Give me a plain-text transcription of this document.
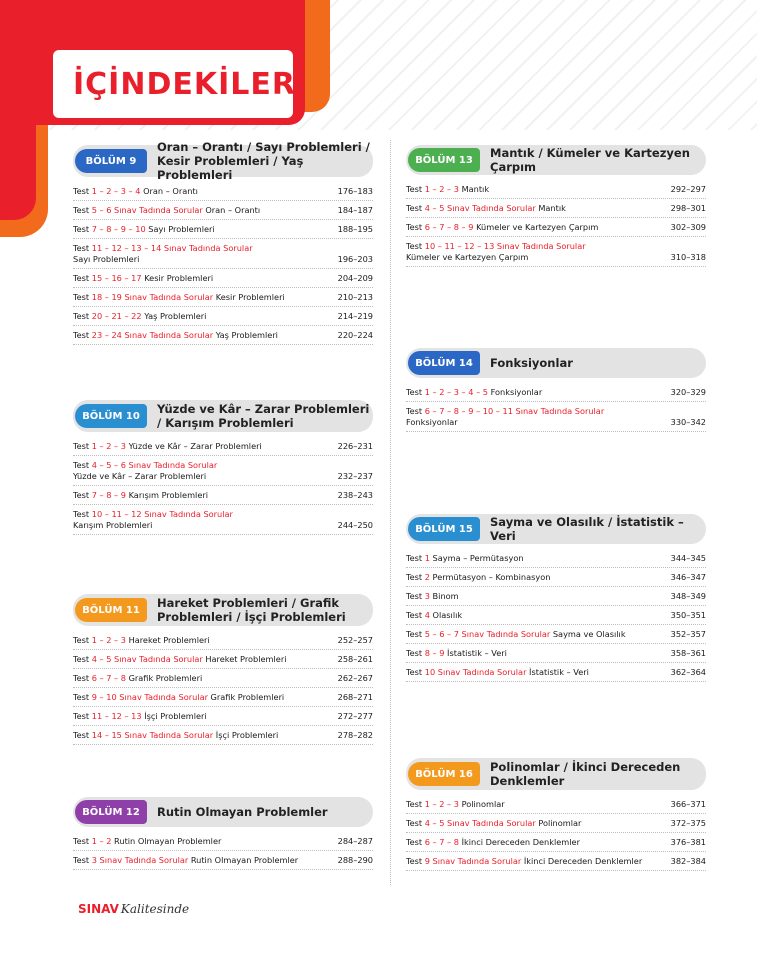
İÇİNDEKİLER
BÖLÜM 9
Oran – Orantı / Sayı Problemleri / Kesir Problemleri / Yaş Problemleri
Test 1 – 2 – 3 – 4 Oran – Orantı	176–183
Test 5 – 6 Sınav Tadında Sorular Oran – Orantı	184–187
Test 7 – 8 – 9 – 10 Sayı Problemleri	188–195
Test 11 – 12 – 13 – 14 Sınav Tadında Sorular
Sayı Problemleri	196–203
Test 15 – 16 – 17 Kesir Problemleri	204–209
Test 18 – 19 Sınav Tadında Sorular Kesir Problemleri	210–213
Test 20 – 21 – 22 Yaş Problemleri	214–219
Test 23 – 24 Sınav Tadında Sorular Yaş Problemleri	220–224
BÖLÜM 10	Yüzde ve Kâr – Zarar Problemleri / Karışım Problemleri
Test 1 – 2 – 3 Yüzde ve Kâr – Zarar Problemleri	226–231
Test 4 – 5 – 6 Sınav Tadında Sorular
Yüzde ve Kâr – Zarar Problemleri	232–237
Test 7 – 8 – 9 Karışım Problemleri	238–243
Test 10 – 11 – 12 Sınav Tadında Sorular
Karışım Problemleri	244–250
BÖLÜM 11	Hareket Problemleri / Grafik Problemleri / İşçi Problemleri
Test 1 – 2 – 3 Hareket Problemleri	252–257
Test 4 – 5 Sınav Tadında Sorular Hareket Problemleri	258–261
Test 6 – 7 – 8 Grafik Problemleri	262–267
Test 9 – 10 Sınav Tadında Sorular Grafik Problemleri	268–271
Test 11 – 12 – 13 İşçi Problemleri	272–277
Test 14 – 15 Sınav Tadında Sorular İşçi Problemleri	278–282
BÖLÜM 12	Rutin Olmayan Problemler
Test 1 – 2 Rutin Olmayan Problemler	284–287
Test 3 Sınav Tadında Sorular Rutin Olmayan Problemler	288–290
BÖLÜM 13	Mantık / Kümeler ve Kartezyen Çarpım
Test 1 – 2 – 3 Mantık	292–297
Test 4 – 5 Sınav Tadında Sorular Mantık	298–301
Test 6 – 7 – 8 – 9 Kümeler ve Kartezyen Çarpım	302–309
Test 10 – 11 – 12 – 13 Sınav Tadında Sorular
Kümeler ve Kartezyen Çarpım	310–318
BÖLÜM 14	Fonksiyonlar
Test 1 – 2 – 3 – 4 – 5 Fonksiyonlar	320–329
Test 6 – 7 – 8 – 9 – 10 – 11 Sınav Tadında Sorular
Fonksiyonlar	330–342
BÖLÜM 15	Sayma ve Olasılık / İstatistik – Veri
Test 1 Sayma – Permütasyon	344–345
Test 2 Permütasyon – Kombinasyon	346–347
Test 3 Binom	348–349
Test 4 Olasılık	350–351
Test 5 – 6 – 7 Sınav Tadında Sorular Sayma ve Olasılık	352–357
Test 8 – 9 İstatistik – Veri	358–361
Test 10 Sınav Tadında Sorular İstatistik – Veri	362–364
BÖLÜM 16	Polinomlar / İkinci Dereceden Denklemler
Test 1 – 2 – 3 Polinomlar	366–371
Test 4 – 5 Sınav Tadında Sorular Polinomlar	372–375
Test 6 – 7 – 8 İkinci Dereceden Denklemler	376–381
Test 9 Sınav Tadında Sorular İkinci Dereceden Denklemler	382–384
SINAV Kalitesinde
